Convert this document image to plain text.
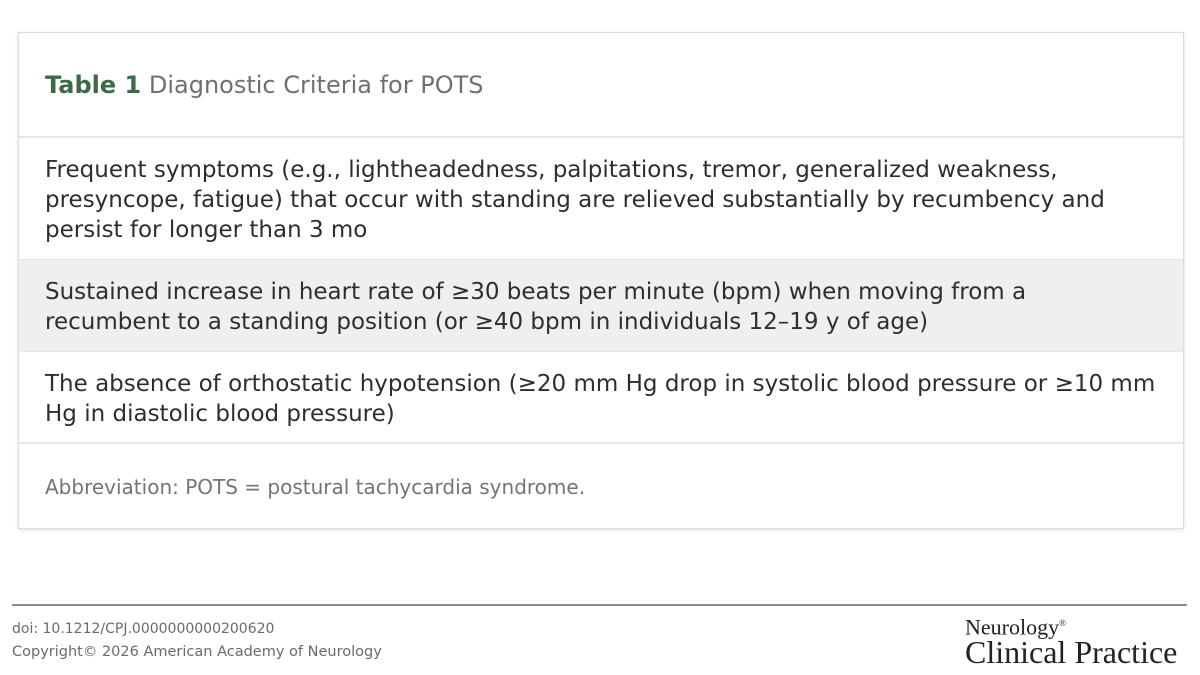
Table 1 Diagnostic Criteria for POTS
Frequent symptoms (e.g., lightheadedness, palpitations, tremor, generalized weakness, presyncope, fatigue) that occur with standing are relieved substantially by recumbency and persist for longer than 3 mo
Sustained increase in heart rate of ≥30 beats per minute (bpm) when moving from a recumbent to a standing position (or ≥40 bpm in individuals 12–19 y of age)
The absence of orthostatic hypotension (≥20 mm Hg drop in systolic blood pressure or ≥10 mm Hg in diastolic blood pressure)
Abbreviation: POTS = postural tachycardia syndrome.
doi: 10.1212/CPJ.0000000000200620
Copyright© 2026 American Academy of Neurology
Neurology®
Clinical Practice
